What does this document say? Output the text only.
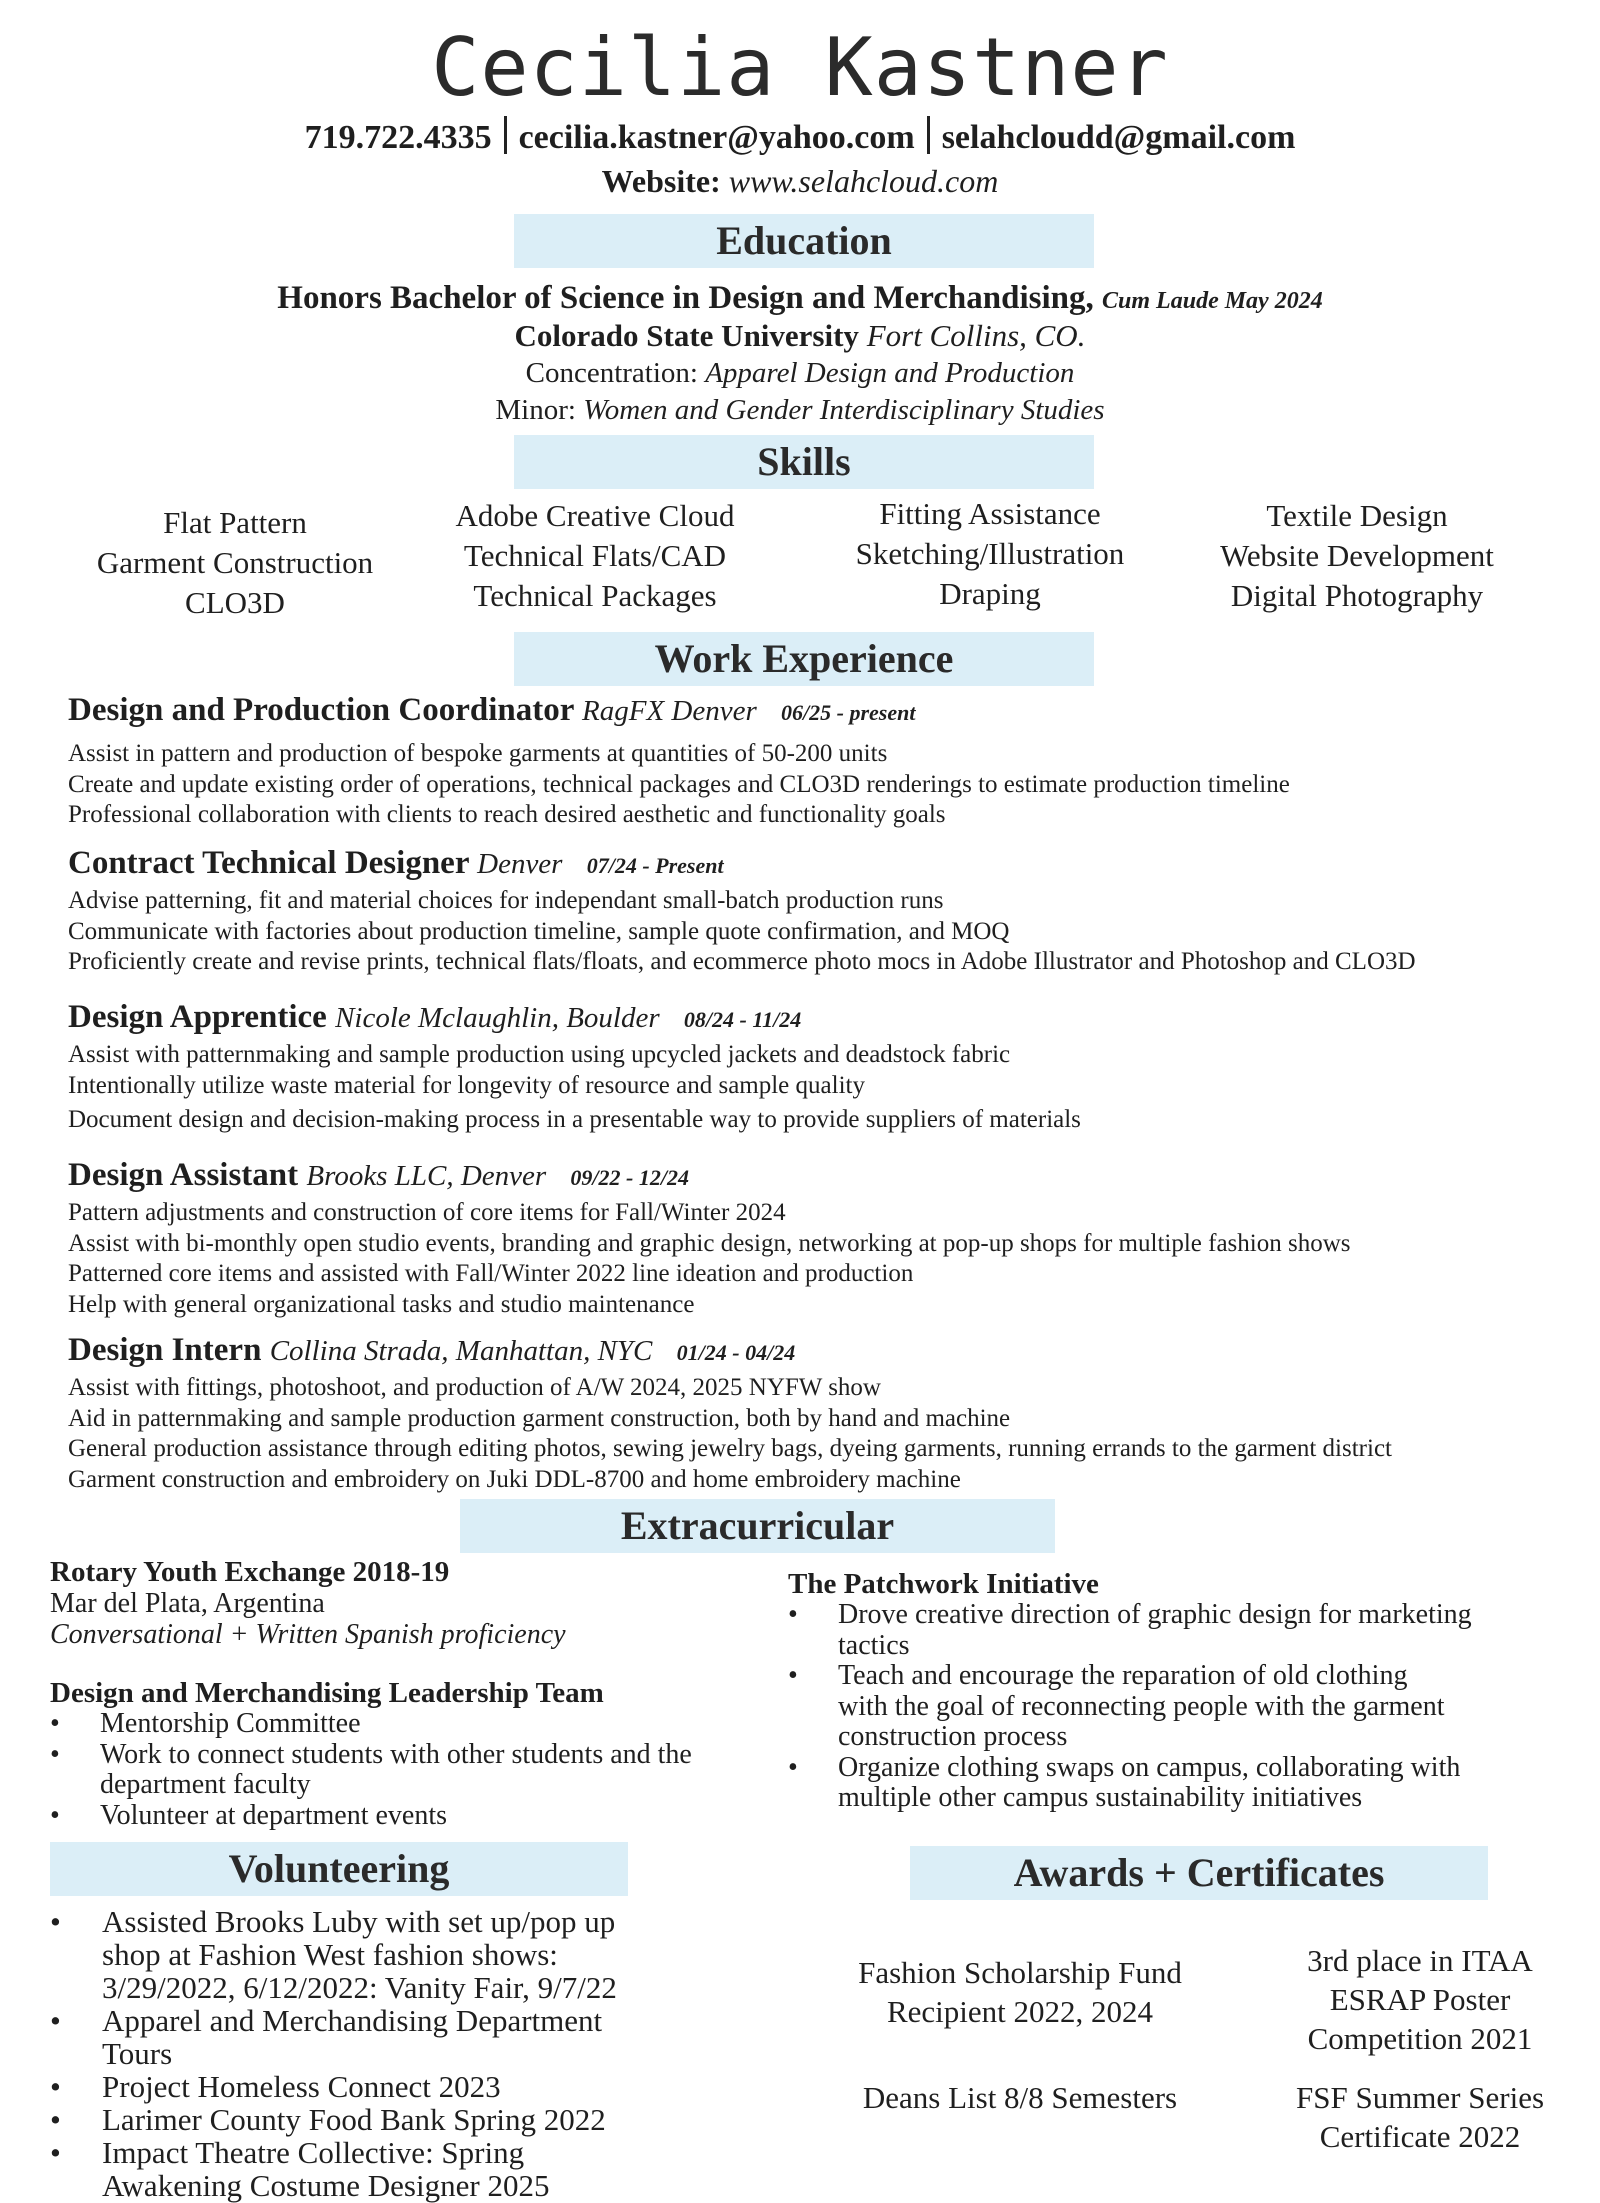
Cecilia Kastner
719.722.4335 cecilia.kastner@yahoo.com selahcloudd@gmail.com
Website: www.selahcloud.com
Education
Honors Bachelor of Science in Design and Merchandising, Cum Laude May 2024
Colorado State University Fort Collins, CO.
Concentration: Apparel Design and Production
Minor: Women and Gender Interdisciplinary Studies
Skills
Flat Pattern
Garment Construction
CLO3D
Adobe Creative Cloud
Technical Flats/CAD
Technical Packages
Fitting Assistance
Sketching/Illustration
Draping
Textile Design
Website Development
Digital Photography
Work Experience
Design and Production Coordinator RagFX Denver 06/25 - present
Assist in pattern and production of bespoke garments at quantities of 50-200 units
Create and update existing order of operations, technical packages and CLO3D renderings to estimate production timeline
Professional collaboration with clients to reach desired aesthetic and functionality goals
Contract Technical Designer Denver 07/24 - Present
Advise patterning, fit and material choices for independant small-batch production runs
Communicate with factories about production timeline, sample quote confirmation, and MOQ
Proficiently create and revise prints, technical flats/floats, and ecommerce photo mocs in Adobe Illustrator and Photoshop and CLO3D
Design Apprentice Nicole Mclaughlin, Boulder 08/24 - 11/24
Assist with patternmaking and sample production using upcycled jackets and deadstock fabric
Intentionally utilize waste material for longevity of resource and sample quality
Document design and decision-making process in a presentable way to provide suppliers of materials
Design Assistant Brooks LLC, Denver 09/22 - 12/24
Pattern adjustments and construction of core items for Fall/Winter 2024
Assist with bi-monthly open studio events, branding and graphic design, networking at pop-up shops for multiple fashion shows
Patterned core items and assisted with Fall/Winter 2022 line ideation and production
Help with general organizational tasks and studio maintenance
Design Intern Collina Strada, Manhattan, NYC 01/24 - 04/24
Assist with fittings, photoshoot, and production of A/W 2024, 2025 NYFW show
Aid in patternmaking and sample production garment construction, both by hand and machine
General production assistance through editing photos, sewing jewelry bags, dyeing garments, running errands to the garment district
Garment construction and embroidery on Juki DDL-8700 and home embroidery machine
Extracurricular
Rotary Youth Exchange 2018-19
Mar del Plata, Argentina
Conversational + Written Spanish proficiency
Design and Merchandising Leadership Team
• Mentorship Committee
• Work to connect students with other students and the department faculty
• Volunteer at department events
The Patchwork Initiative
• Drove creative direction of graphic design for marketing tactics
• Teach and encourage the reparation of old clothing with the goal of reconnecting people with the garment construction process
• Organize clothing swaps on campus, collaborating with multiple other campus sustainability initiatives
Volunteering
• Assisted Brooks Luby with set up/pop up shop at Fashion West fashion shows: 3/29/2022, 6/12/2022: Vanity Fair, 9/7/22
• Apparel and Merchandising Department Tours
• Project Homeless Connect 2023
• Larimer County Food Bank Spring 2022
• Impact Theatre Collective: Spring Awakening Costume Designer 2025
Awards + Certificates
Fashion Scholarship Fund Recipient 2022, 2024
3rd place in ITAA ESRAP Poster Competition 2021
Deans List 8/8 Semesters	FSF Summer Series Certificate 2022
